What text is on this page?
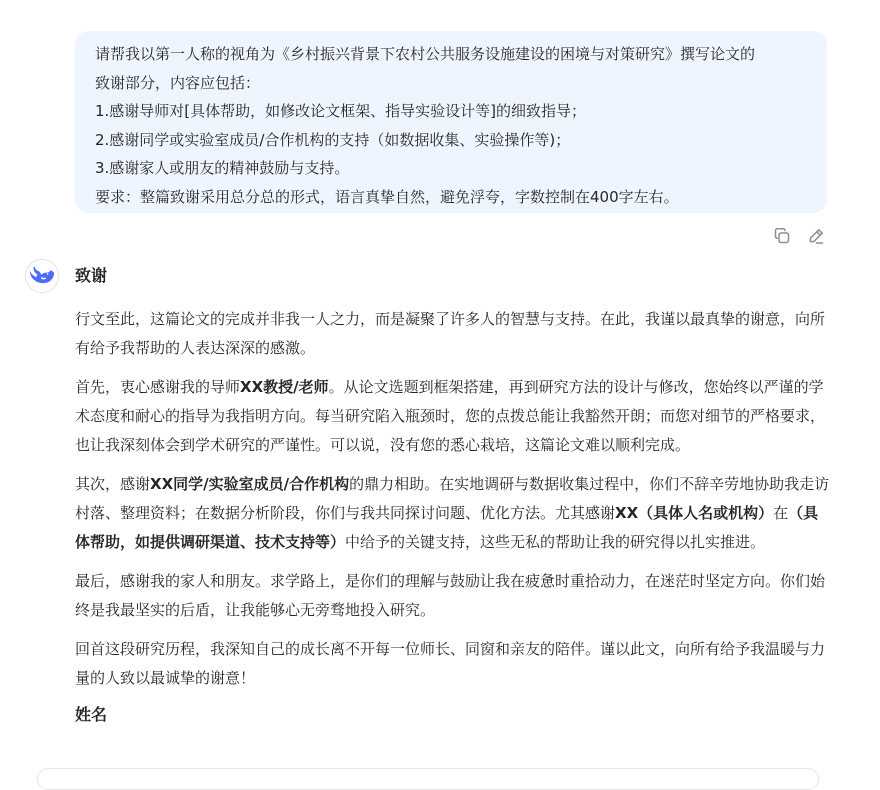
请帮我以第一人称的视角为《乡村振兴背景下农村公共服务设施建设的困境与对策研究》撰写论文的
致谢部分，内容应包括：
1.感谢导师对[具体帮助，如修改论文框架、指导实验设计等]的细致指导；
2.感谢同学或实验室成员/合作机构的支持（如数据收集、实验操作等)；
3.感谢家人或朋友的精神鼓励与支持。
要求：整篇致谢采用总分总的形式，语言真挚自然，避免浮夸，字数控制在400字左右。
致谢

行文至此，这篇论文的完成并非我一人之力，而是凝聚了许多人的智慧与支持。在此，我谨以最真挚的谢意，向所有给予我帮助的人表达深深的感激。

首先，衷心感谢我的导师XX教授/老师。从论文选题到框架搭建，再到研究方法的设计与修改，您始终以严谨的学术态度和耐心的指导为我指明方向。每当研究陷入瓶颈时，您的点拨总能让我豁然开朗；而您对细节的严格要求，也让我深刻体会到学术研究的严谨性。可以说，没有您的悉心栽培，这篇论文难以顺利完成。

其次，感谢XX同学/实验室成员/合作机构的鼎力相助。在实地调研与数据收集过程中，你们不辞辛劳地协助我走访村落、整理资料；在数据分析阶段，你们与我共同探讨问题、优化方法。尤其感谢XX（具体人名或机构）在（具体帮助，如提供调研渠道、技术支持等）中给予的关键支持，这些无私的帮助让我的研究得以扎实推进。

最后，感谢我的家人和朋友。求学路上，是你们的理解与鼓励让我在疲惫时重拾动力，在迷茫时坚定方向。你们始终是我最坚实的后盾，让我能够心无旁骛地投入研究。

回首这段研究历程，我深知自己的成长离不开每一位师长、同窗和亲友的陪伴。谨以此文，向所有给予我温暖与力量的人致以最诚挚的谢意！

姓名
